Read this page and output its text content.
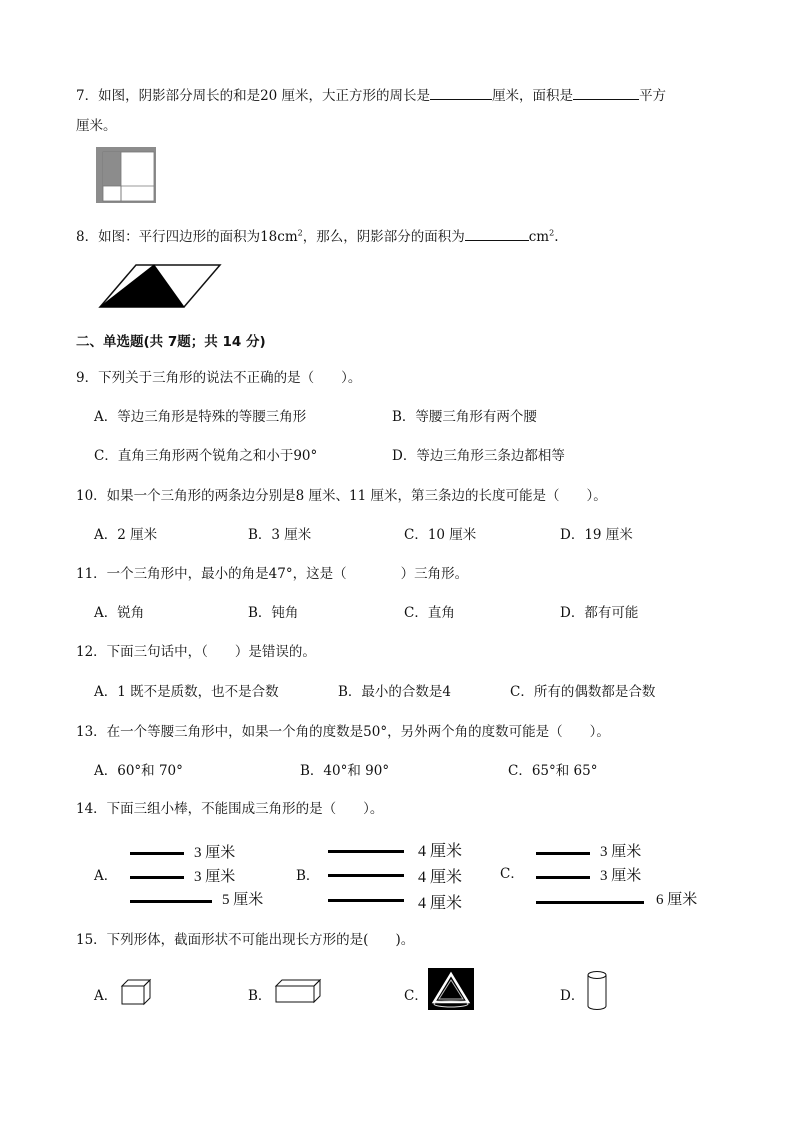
7．如图，阴影部分周长的和是20 厘米，大正方形的周长是	厘米，面积是	平方
厘米。
8．如图：平行四边形的面积为$18cm^2$，那么，阴影部分的面积为	$cm^2$.
二、单选题(共 7题；共 14 分)
9．下列关于三角形的说法不正确的是（　　）。
A．等边三角形是特殊的等腰三角形	B．等腰三角形有两个腰
C．直角三角形两个锐角之和小于90°	D．等边三角形三条边都相等
10．如果一个三角形的两条边分别是8 厘米、11 厘米，第三条边的长度可能是（　　）。
A．2 厘米	B．3 厘米	C．10 厘米	D．19 厘米
11．一个三角形中，最小的角是47°，这是（　　　　）三角形。
A．锐角	B．钝角	C．直角	D．都有可能
12．下面三句话中，（　　）是错误的。
A．1 既不是质数，也不是合数	B．最小的合数是4	C．所有的偶数都是合数
13．在一个等腰三角形中，如果一个角的度数是50°，另外两个角的度数可能是（　　）。
A．60°和 70°	B．40°和 90°	C．65°和 65°
14．下面三组小棒，不能围成三角形的是（　　）。
A．
3 厘米
3 厘米
5 厘米
B．
4 厘米
4 厘米
4 厘米
C．
3 厘米
3 厘米
6 厘米
15．下列形体，截面形状不可能出现长方形的是(　　)。
A．	B．	C．	D．
